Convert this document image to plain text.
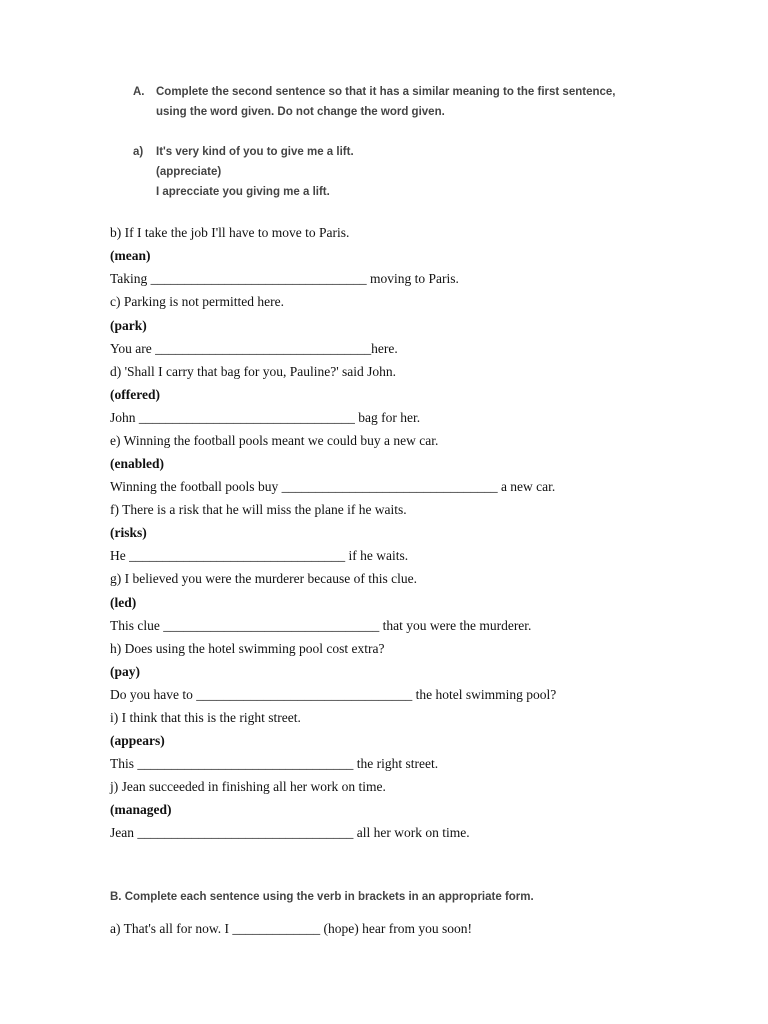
A. Complete the second sentence so that it has a similar meaning to the first sentence,
using the word given. Do not change the word given.
a) It's very kind of you to give me a lift.
(appreciate)
I aprecciate you giving me a lift.
b) If I take the job I'll have to move to Paris.
(mean)
Taking ________________________________ moving to Paris.
c) Parking is not permitted here.
(park)
You are ________________________________here.
d) 'Shall I carry that bag for you, Pauline?' said John.
(offered)
John ________________________________ bag for her.
e) Winning the football pools meant we could buy a new car.
(enabled)
Winning the football pools buy ________________________________ a new car.
f) There is a risk that he will miss the plane if he waits.
(risks)
He ________________________________ if he waits.
g) I believed you were the murderer because of this clue.
(led)
This clue ________________________________ that you were the murderer.
h) Does using the hotel swimming pool cost extra?
(pay)
Do you have to ________________________________ the hotel swimming pool?
i) I think that this is the right street.
(appears)
This ________________________________ the right street.
j) Jean succeeded in finishing all her work on time.
(managed)
Jean ________________________________ all her work on time.
B. Complete each sentence using the verb in brackets in an appropriate form.
a) That's all for now. I _____________ (hope) hear from you soon!
